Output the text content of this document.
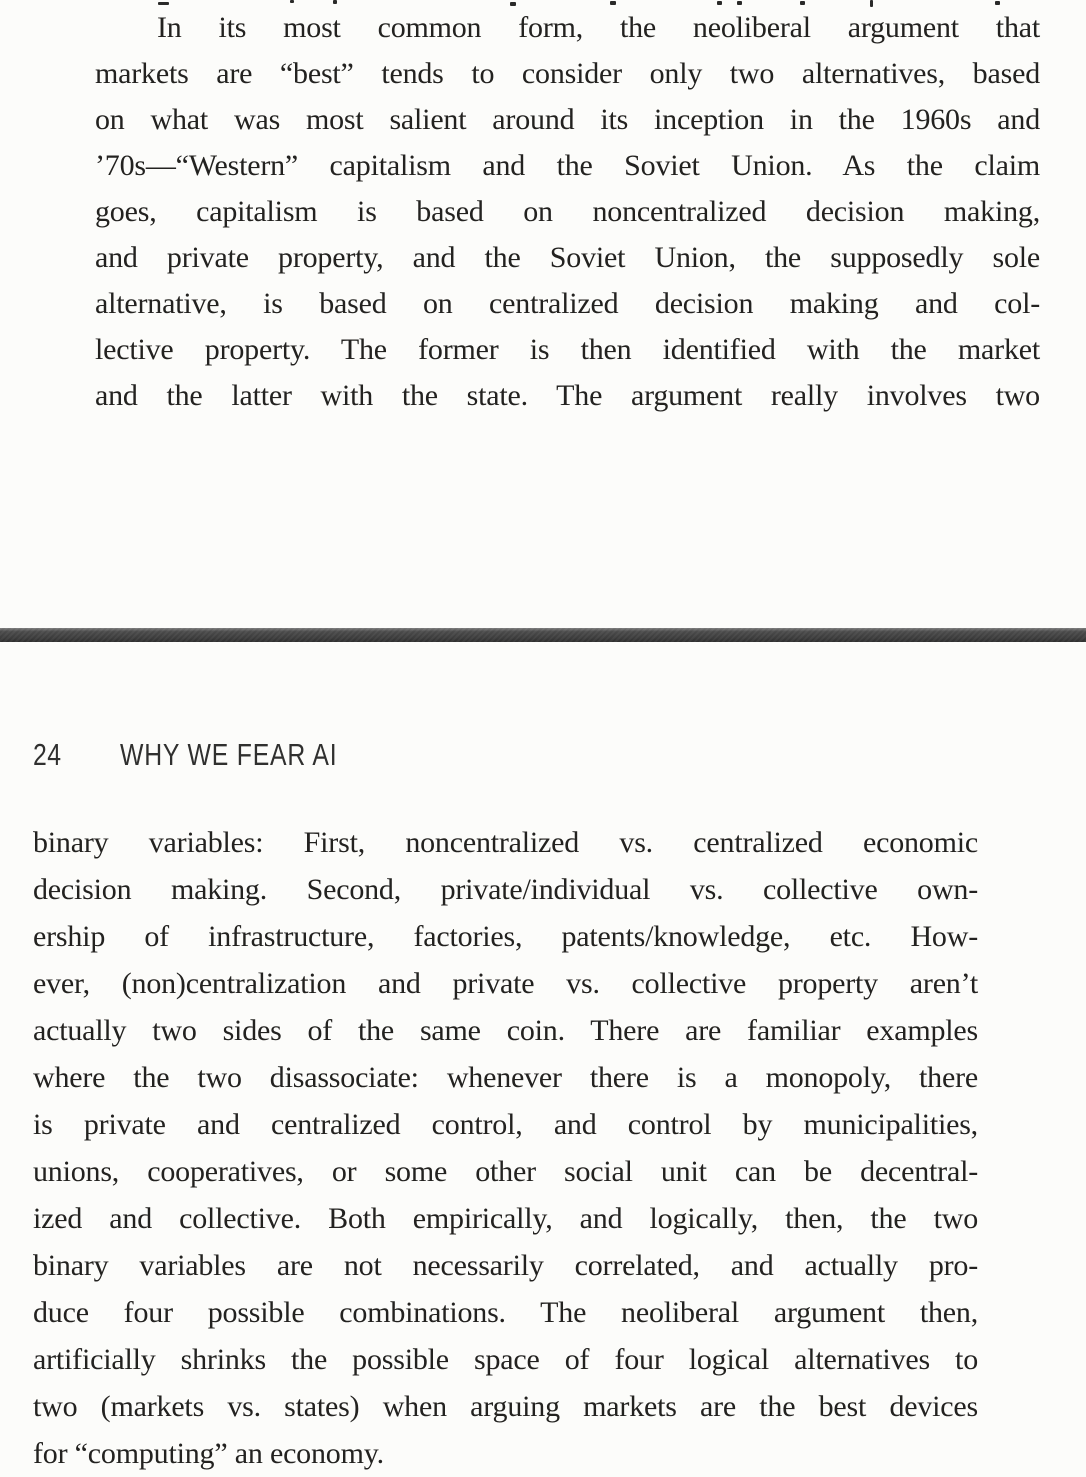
In its most common form, the neoliberal argument that
markets are “best” tends to consider only two alternatives, based
on what was most salient around its inception in the 1960s and
’70s—“Western” capitalism and the Soviet Union. As the claim
goes, capitalism is based on noncentralized decision making,
and private property, and the Soviet Union, the supposedly sole
alternative, is based on centralized decision making and col-
lective property. The former is then identified with the market
and the latter with the state. The argument really involves two
24 WHY WE FEAR AI
binary variables: First, noncentralized vs. centralized economic
decision making. Second, private/individual vs. collective own-
ership of infrastructure, factories, patents/knowledge, etc. How-
ever, (non)centralization and private vs. collective property aren’t
actually two sides of the same coin. There are familiar examples
where the two disassociate: whenever there is a monopoly, there
is private and centralized control, and control by municipalities,
unions, cooperatives, or some other social unit can be decentral-
ized and collective. Both empirically, and logically, then, the two
binary variables are not necessarily correlated, and actually pro-
duce four possible combinations. The neoliberal argument then,
artificially shrinks the possible space of four logical alternatives to
two (markets vs. states) when arguing markets are the best devices
for “computing” an economy.
